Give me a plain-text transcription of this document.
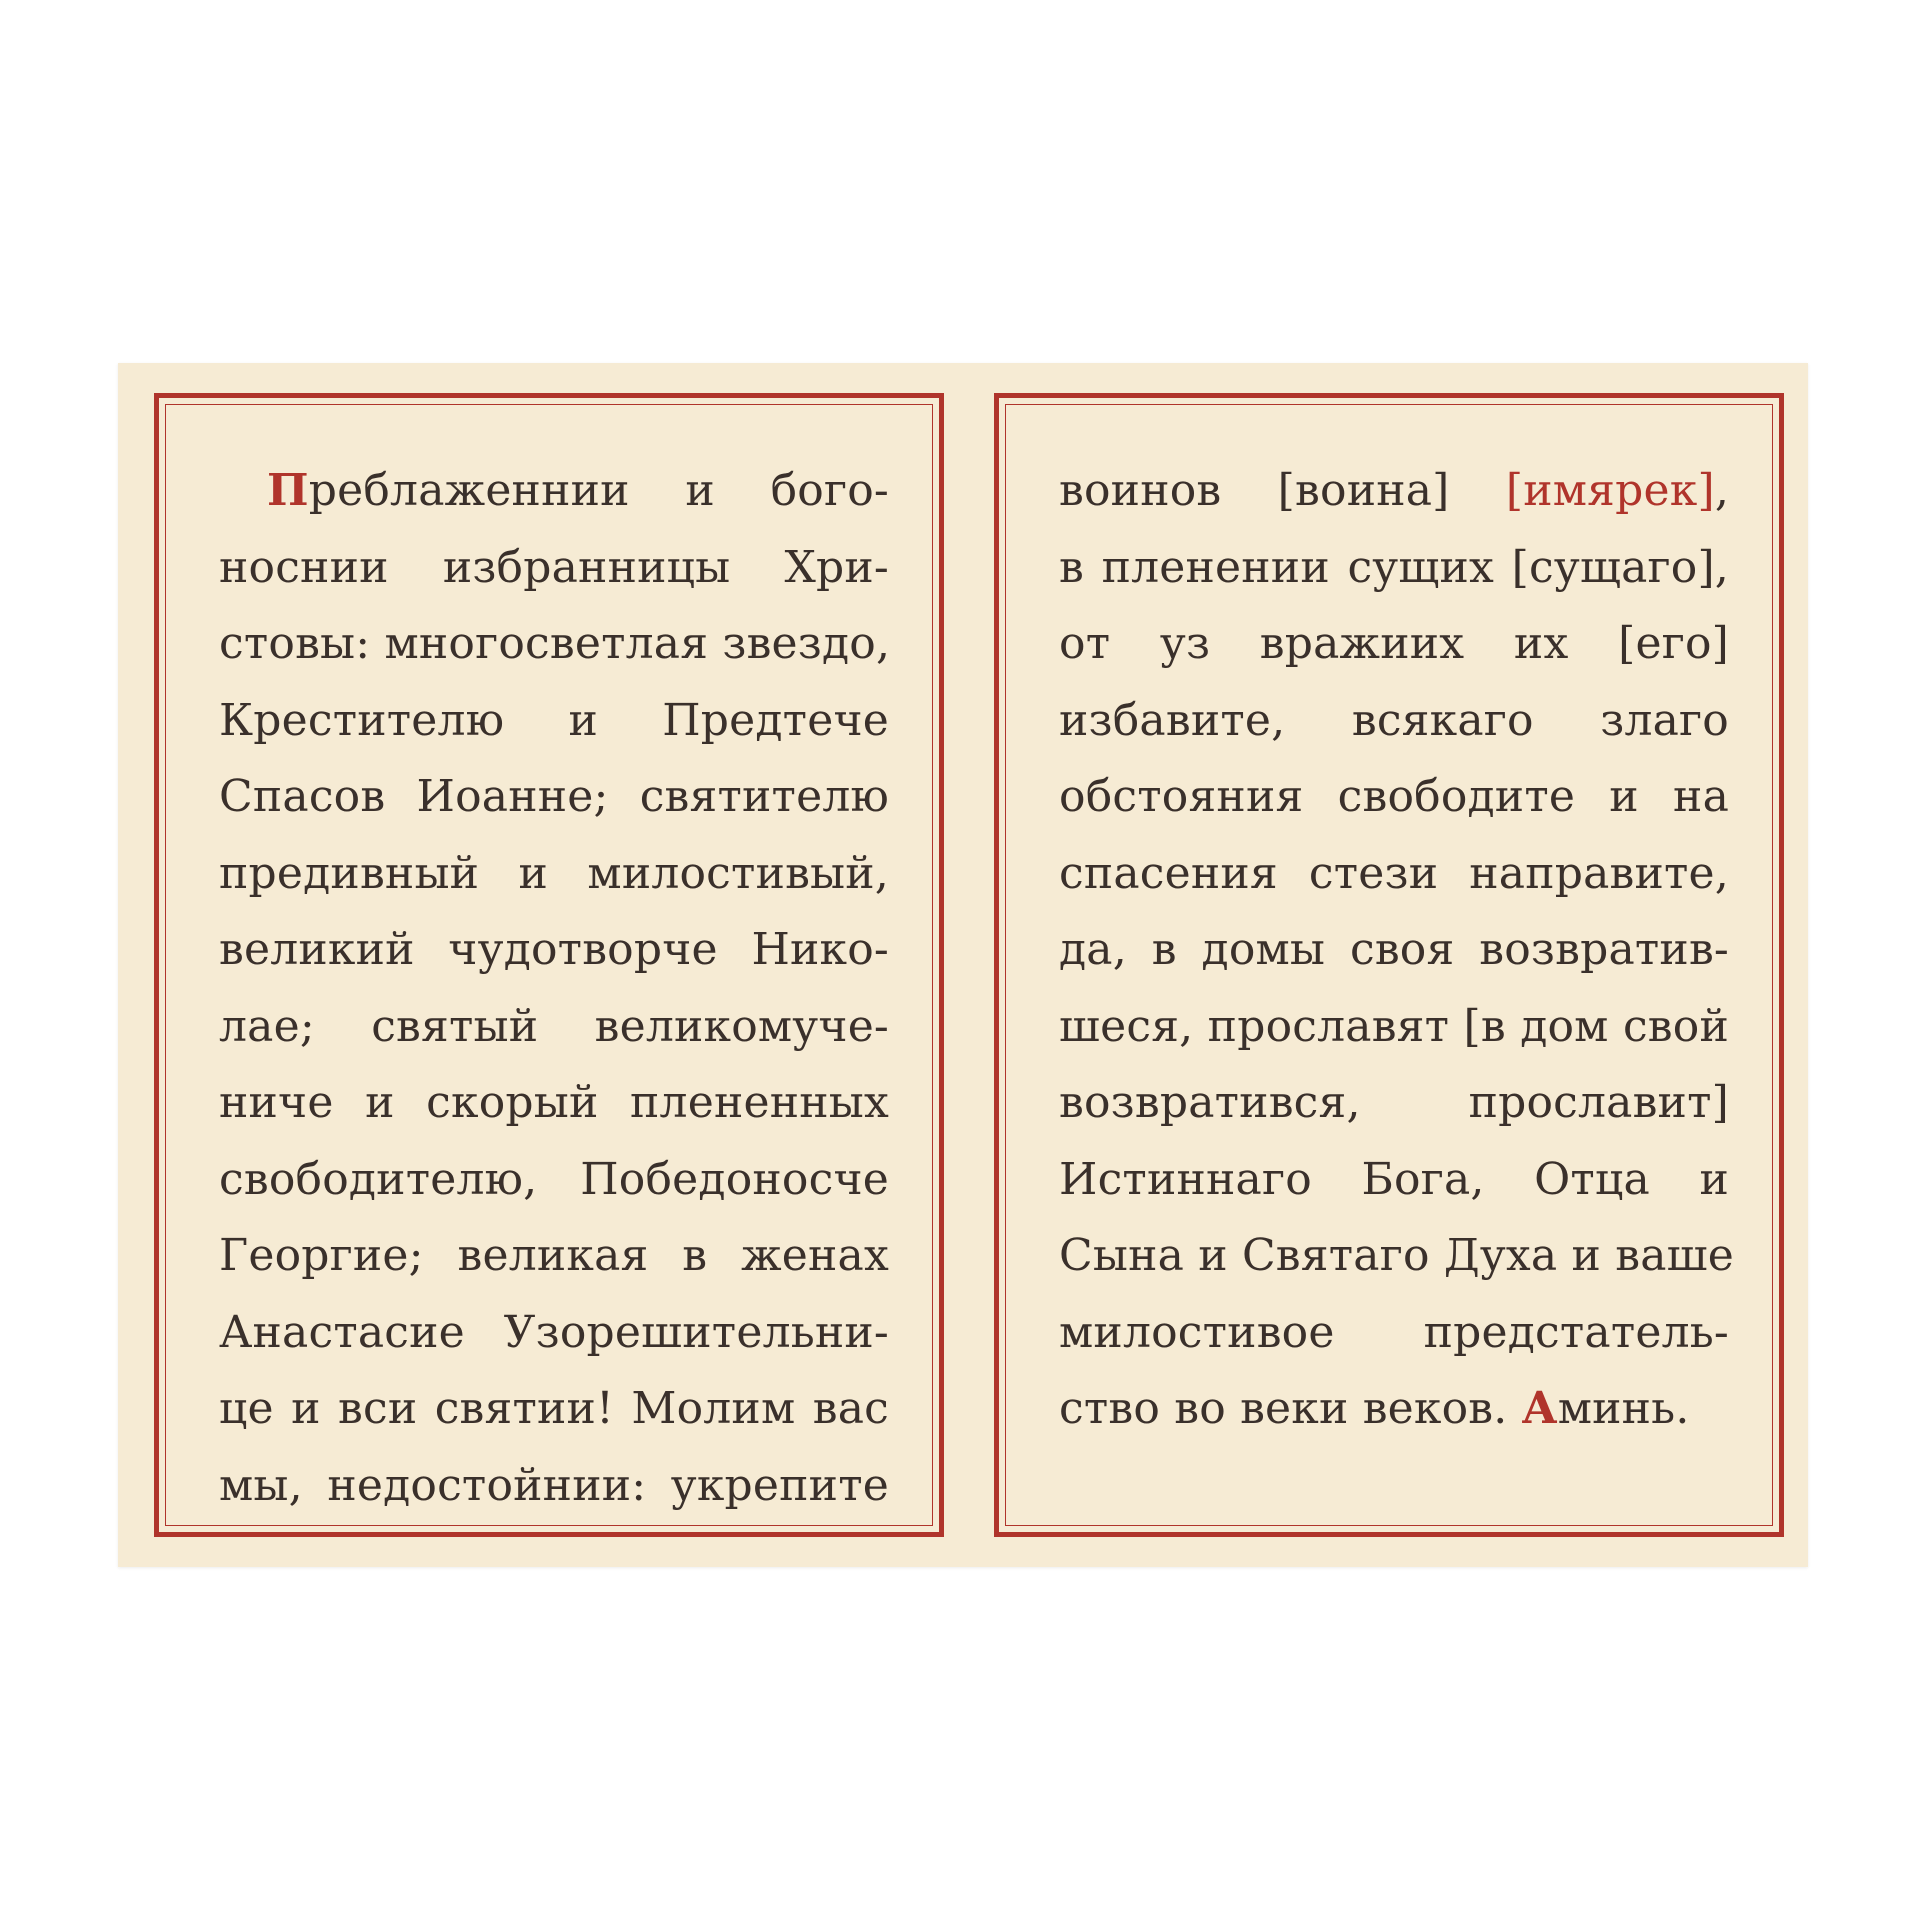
Преблаженнии и бого-
носнии избранницы Хри-
стовы: многосветлая звездо,
Крестителю и Предтече
Спасов Иоанне; святителю
предивный и милостивый,
великий чудотворче Нико-
лае; святый великомуче-
ниче и скорый плененных
свободителю, Победоносче
Георгие; великая в женах
Анастасие Узорешительни-
це и вси святии! Молим вас
мы, недостойнии: укрепите
воинов [воина] [имярек],
в пленении сущих [сущаго],
от уз вражиих их [его]
избавите, всякаго злаго
обстояния свободите и на
спасения стези направите,
да, в домы своя возвратив-
шеся, прославят [в дом свой
возвратився, прославит]
Истиннаго Бога, Отца и
Сына и Святаго Духа и ваше
милостивое предстатель-
ство во веки веков. Аминь.
